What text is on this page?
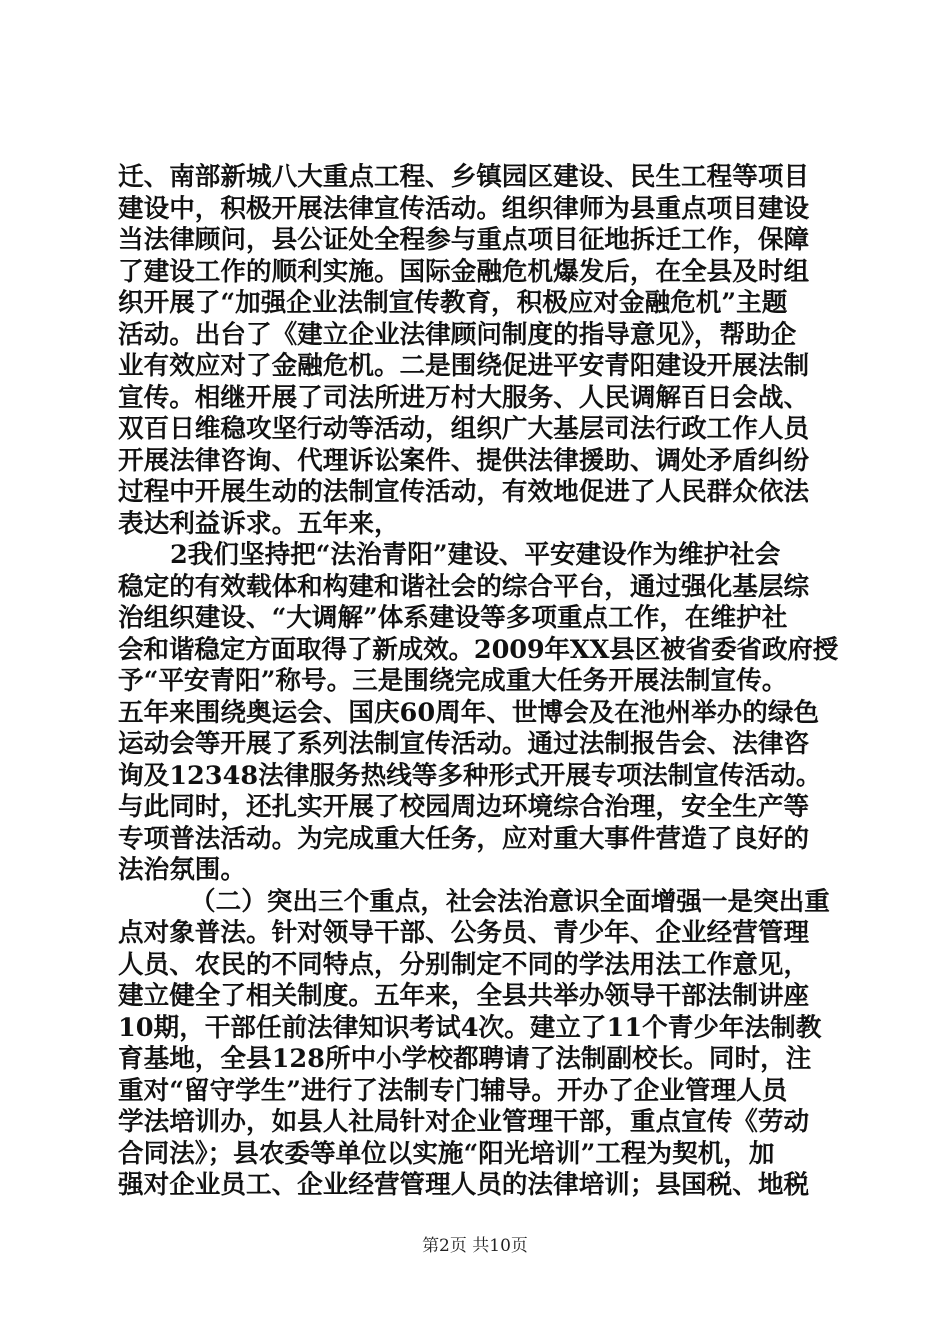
迁、南部新城八大重点工程、乡镇园区建设、民生工程等项目
建设中，积极开展法律宣传活动。组织律师为县重点项目建设
当法律顾问，县公证处全程参与重点项目征地拆迁工作，保障
了建设工作的顺利实施。国际金融危机爆发后，在全县及时组
织开展了“加强企业法制宣传教育，积极应对金融危机”主题
活动。出台了《建立企业法律顾问制度的指导意见》，帮助企
业有效应对了金融危机。二是围绕促进平安青阳建设开展法制
宣传。相继开展了司法所进万村大服务、人民调解百日会战、
双百日维稳攻坚行动等活动，组织广大基层司法行政工作人员
开展法律咨询、代理诉讼案件、提供法律援助、调处矛盾纠纷
过程中开展生动的法制宣传活动，有效地促进了人民群众依法
表达利益诉求。五年来，
2我们坚持把“法治青阳”建设、平安建设作为维护社会
稳定的有效载体和构建和谐社会的综合平台，通过强化基层综
治组织建设、“大调解”体系建设等多项重点工作，在维护社
会和谐稳定方面取得了新成效。2009年XX县区被省委省政府授
予“平安青阳”称号。三是围绕完成重大任务开展法制宣传。
五年来围绕奥运会、国庆60周年、世博会及在池州举办的绿色
运动会等开展了系列法制宣传活动。通过法制报告会、法律咨
询及12348法律服务热线等多种形式开展专项法制宣传活动。
与此同时，还扎实开展了校园周边环境综合治理，安全生产等
专项普法活动。为完成重大任务，应对重大事件营造了良好的
法治氛围。
（二）突出三个重点，社会法治意识全面增强一是突出重
点对象普法。针对领导干部、公务员、青少年、企业经营管理
人员、农民的不同特点，分别制定不同的学法用法工作意见，
建立健全了相关制度。五年来，全县共举办领导干部法制讲座
10期，干部任前法律知识考试4次。建立了11个青少年法制教
育基地，全县128所中小学校都聘请了法制副校长。同时，注
重对“留守学生”进行了法制专门辅导。开办了企业管理人员
学法培训办，如县人社局针对企业管理干部，重点宣传《劳动
合同法》；县农委等单位以实施“阳光培训”工程为契机，加
强对企业员工、企业经营管理人员的法律培训；县国税、地税
第2页 共10页
